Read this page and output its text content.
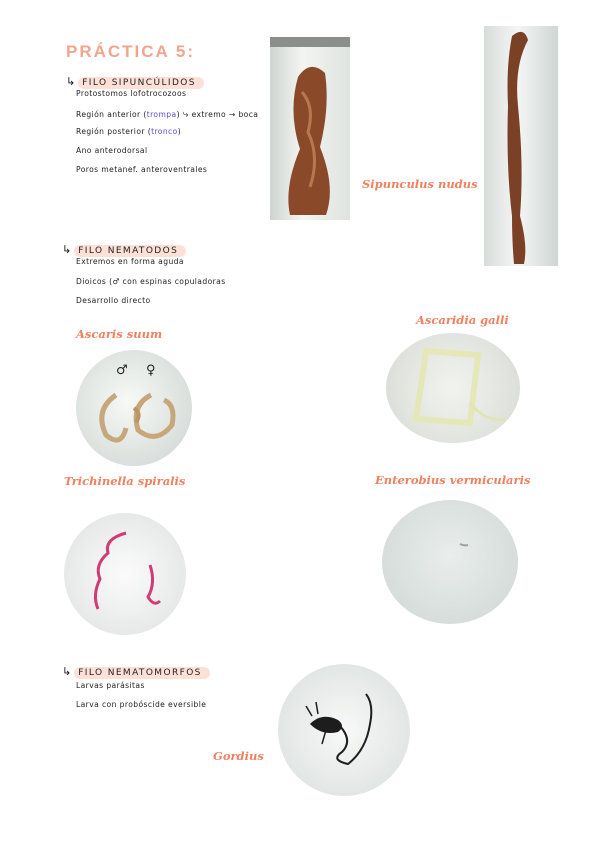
PRÁCTICA 5:
↳ FILO SIPUNCÚLIDOS
Protostomos lofotrocozoos
Región anterior (trompa) ⤷ extremo → boca
Región posterior (tronco)
Ano anterodorsal
Poros metanef. anteroventrales
Sipunculus nudus
↳ FILO NEMATODOS
Extremos en forma aguda
Dioicos (♂ con espinas copuladoras
Desarrollo directo
Ascaris suum
♂ ♀
Ascaridia galli
Trichinella spiralis	Enterobius vermicularis
↳ FILO NEMATOMORFOS
Larvas parásitas
Larva con probóscide eversible
Gordius
